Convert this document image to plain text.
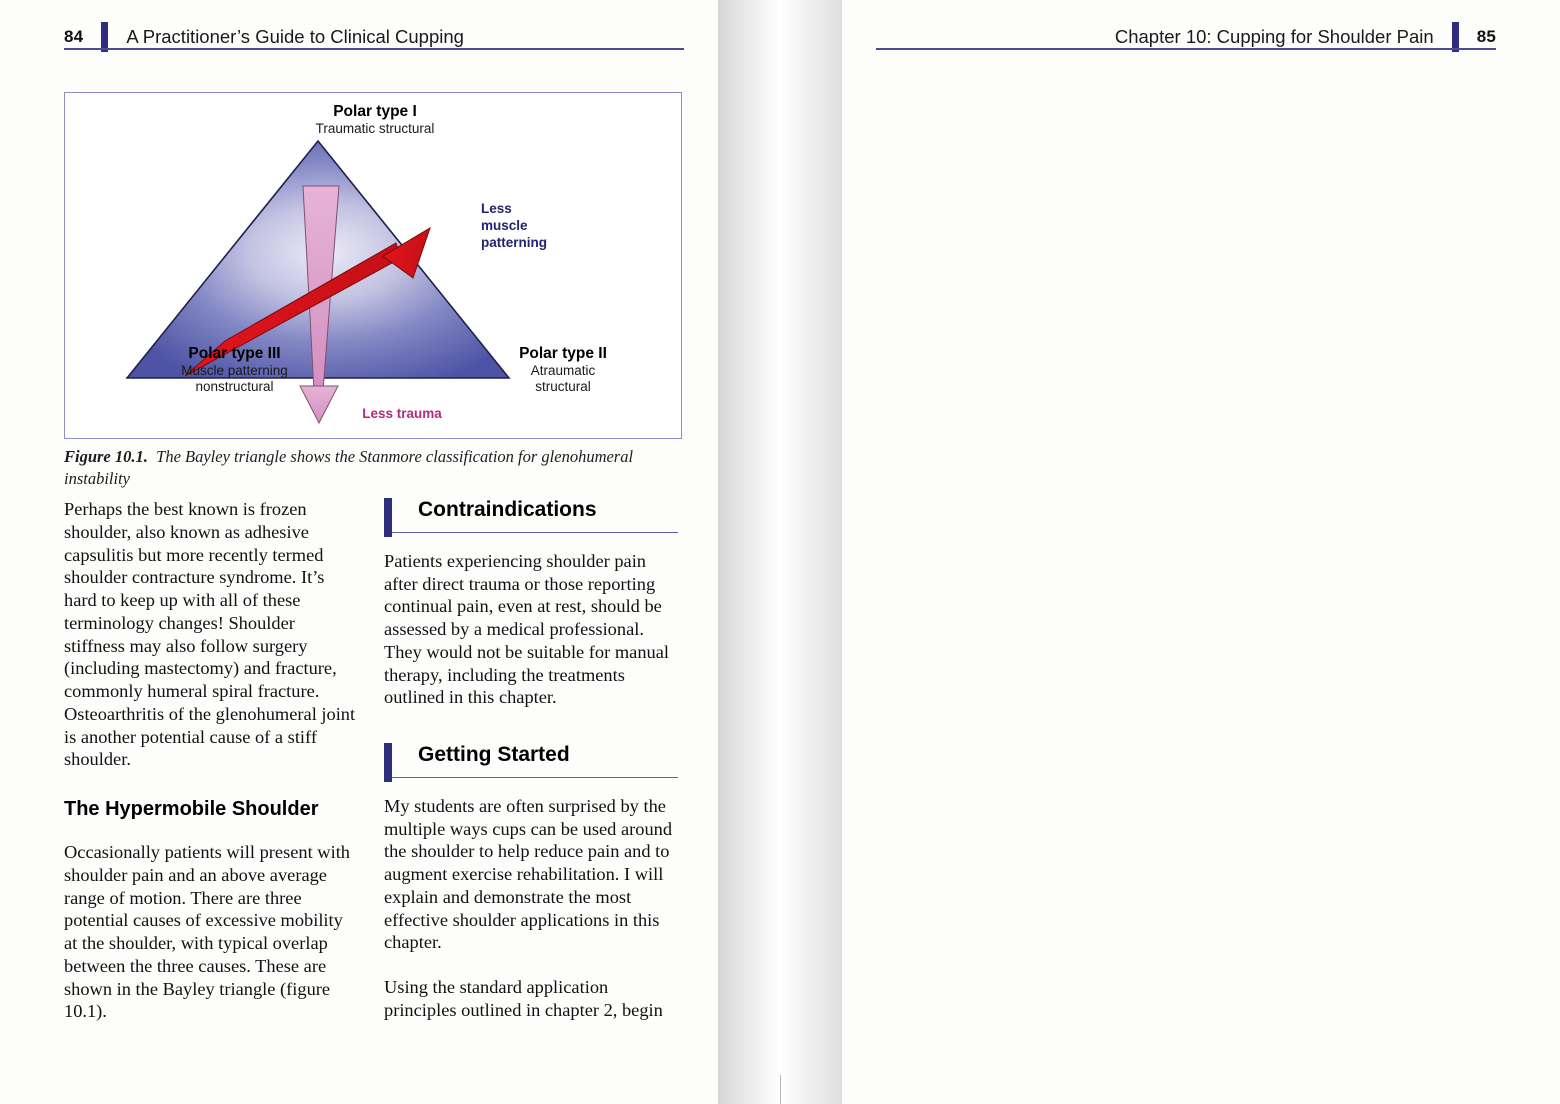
84 A Practitioner’s Guide to Clinical Cupping
Polar type I
Traumatic structural
Polar type III
Muscle patterning
nonstructural
Polar type II
Atraumatic
structural
Less
muscle
patterning
Less trauma
Figure 10.1. The Bayley triangle shows the Stanmore classification for glenohumeral instability

Perhaps the best known is frozen shoulder, also known as adhesive capsulitis but more recently termed shoulder contracture syndrome. It’s hard to keep up with all of these terminology changes! Shoulder stiffness may also follow surgery (including mastectomy) and fracture, commonly humeral spiral fracture. Osteoarthritis of the glenohumeral joint is another potential cause of a stiff shoulder.

The Hypermobile Shoulder

Occasionally patients will present with shoulder pain and an above average range of motion. There are three potential causes of excessive mobility at the shoulder, with typical overlap between the three causes. These are shown in the Bayley triangle (figure 10.1).

Contraindications

Patients experiencing shoulder pain after direct trauma or those reporting continual pain, even at rest, should be assessed by a medical professional. They would not be suitable for manual therapy, including the treatments outlined in this chapter.

Getting Started

My students are often surprised by the multiple ways cups can be used around the shoulder to help reduce pain and to augment exercise rehabilitation. I will explain and demonstrate the most effective shoulder applications in this chapter.

Using the standard application principles outlined in chapter 2, begin

Chapter 10: Cupping for Shoulder Pain	85
